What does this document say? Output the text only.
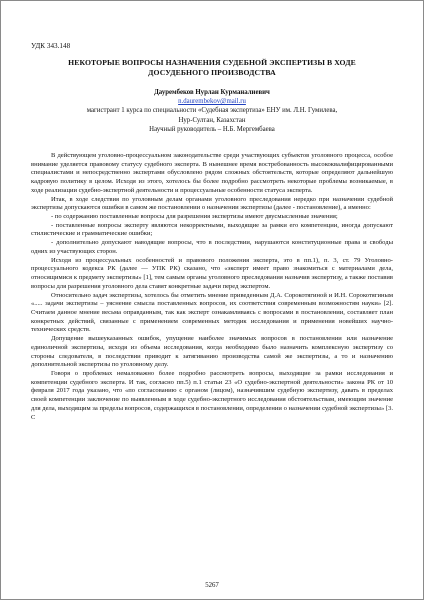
УДК 343.148
НЕКОТОРЫЕ ВОПРОСЫ НАЗНАЧЕНИЯ СУДЕБНОЙ ЭКСПЕРТИЗЫ В ХОДЕ
ДОСУДЕБНОГО ПРОИЗВОДСТВА
Даурембеков Нурлан Курманалиевич
n.daurembekov@mail.ru
магистрант 1 курса по специальности «Судебная экспертиза» ЕНУ им. Л.Н. Гумилева,
Нур-Султан, Казахстан
Научный руководитель – Н.Б. Мергембаева

В действующем уголовно-процессуальном законодательстве среди участвующих субъектов уголовного процесса, особое внимание уделяется правовому статусу судебного эксперта. В нынешнее время востребованность высококвалифицированными специалистами и непосредственно экспертами обусловлено рядом сложных обстоятельств, которые определяют дальнейшую кадровую политику в целом. Исходя из этого, хотелось бы более подробно рассмотреть некоторые проблемы возникаемые, в ходе реализации судебно-экспертной деятельности и процессуальные особенности статуса эксперта.

Итак, в ходе следствия по уголовным делам органами уголовного преследования нередко при назначении судебной экспертизы допускаются ошибки в самом же постановлении о назначении экспертизы (далее - постановление), а именно:

- по содержанию поставленные вопросы для разрешения экспертизы имеют двусмысленные значения;

- поставленные вопросы эксперту являются некорректными, выходящие за рамки его компетенции, иногда допускают стилистические и грамматические ошибки;

- дополнительно допускают наводящие вопросы, что в последствии, нарушаются конституционные права и свободы одних из участвующих сторон.

Исходя из процессуальных особенностей и правового положения эксперта, это в пп.1), п. 3, ст. 79 Уголовно-процессуального кодекса РК (далее — УПК РК) сказано, что «эксперт имеет право знакомиться с материалами дела, относящимися к предмету экспертизы» [1], тем самым органы уголовного преследования назначив экспертизу, а также поставив вопросы для разрешения уголовного дела ставят конкретные задачи перед экспертом.

Относительно задач экспертизы, хотелось бы отметить мнение приведенным Д.А. Сорокотягиной и И.Н. Сорокотягиным «..... задачи экспертизы – уяснение смысла поставленных вопросов, их соответствия современным возможностям науки» [2]. Считаем данное мнение весьма оправданным, так как эксперт ознакамливаясь с вопросами в постановлении, составляет план конкретных действий, связанные с применением современных методик исследования и применения новейших научно-технических средств.

Допущение вышеуказанных ошибок, упущение наиболее значимых вопросов в постановлении или назначение единоличной экспертизы, исходя из объема исследования, когда необходимо было назначить комплексную экспертизу со стороны следователя, в последствии приводит к затягиванию производства самой же экспертизы, а то и назначению дополнительной экспертизы по уголовному делу.

Говоря о проблемах немаловажно более подробно рассмотреть вопросы, выходящие за рамки исследования и компетенции судебного эксперта. И так, согласно пп.5) п.1 статьи 23 «О судебно-экспертной деятельности» закона РК от 10 февраля 2017 года указано, что «по согласованию с органом (лицом), назначившим судебную экспертизу, давать в пределах своей компетенции заключение по выявленным в ходе судебно-экспертного исследования обстоятельствам, имеющим значение для дела, выходящим за пределы вопросов, содержащихся в постановлении, определении о назначении судебной экспертизы» [3. С

5267
